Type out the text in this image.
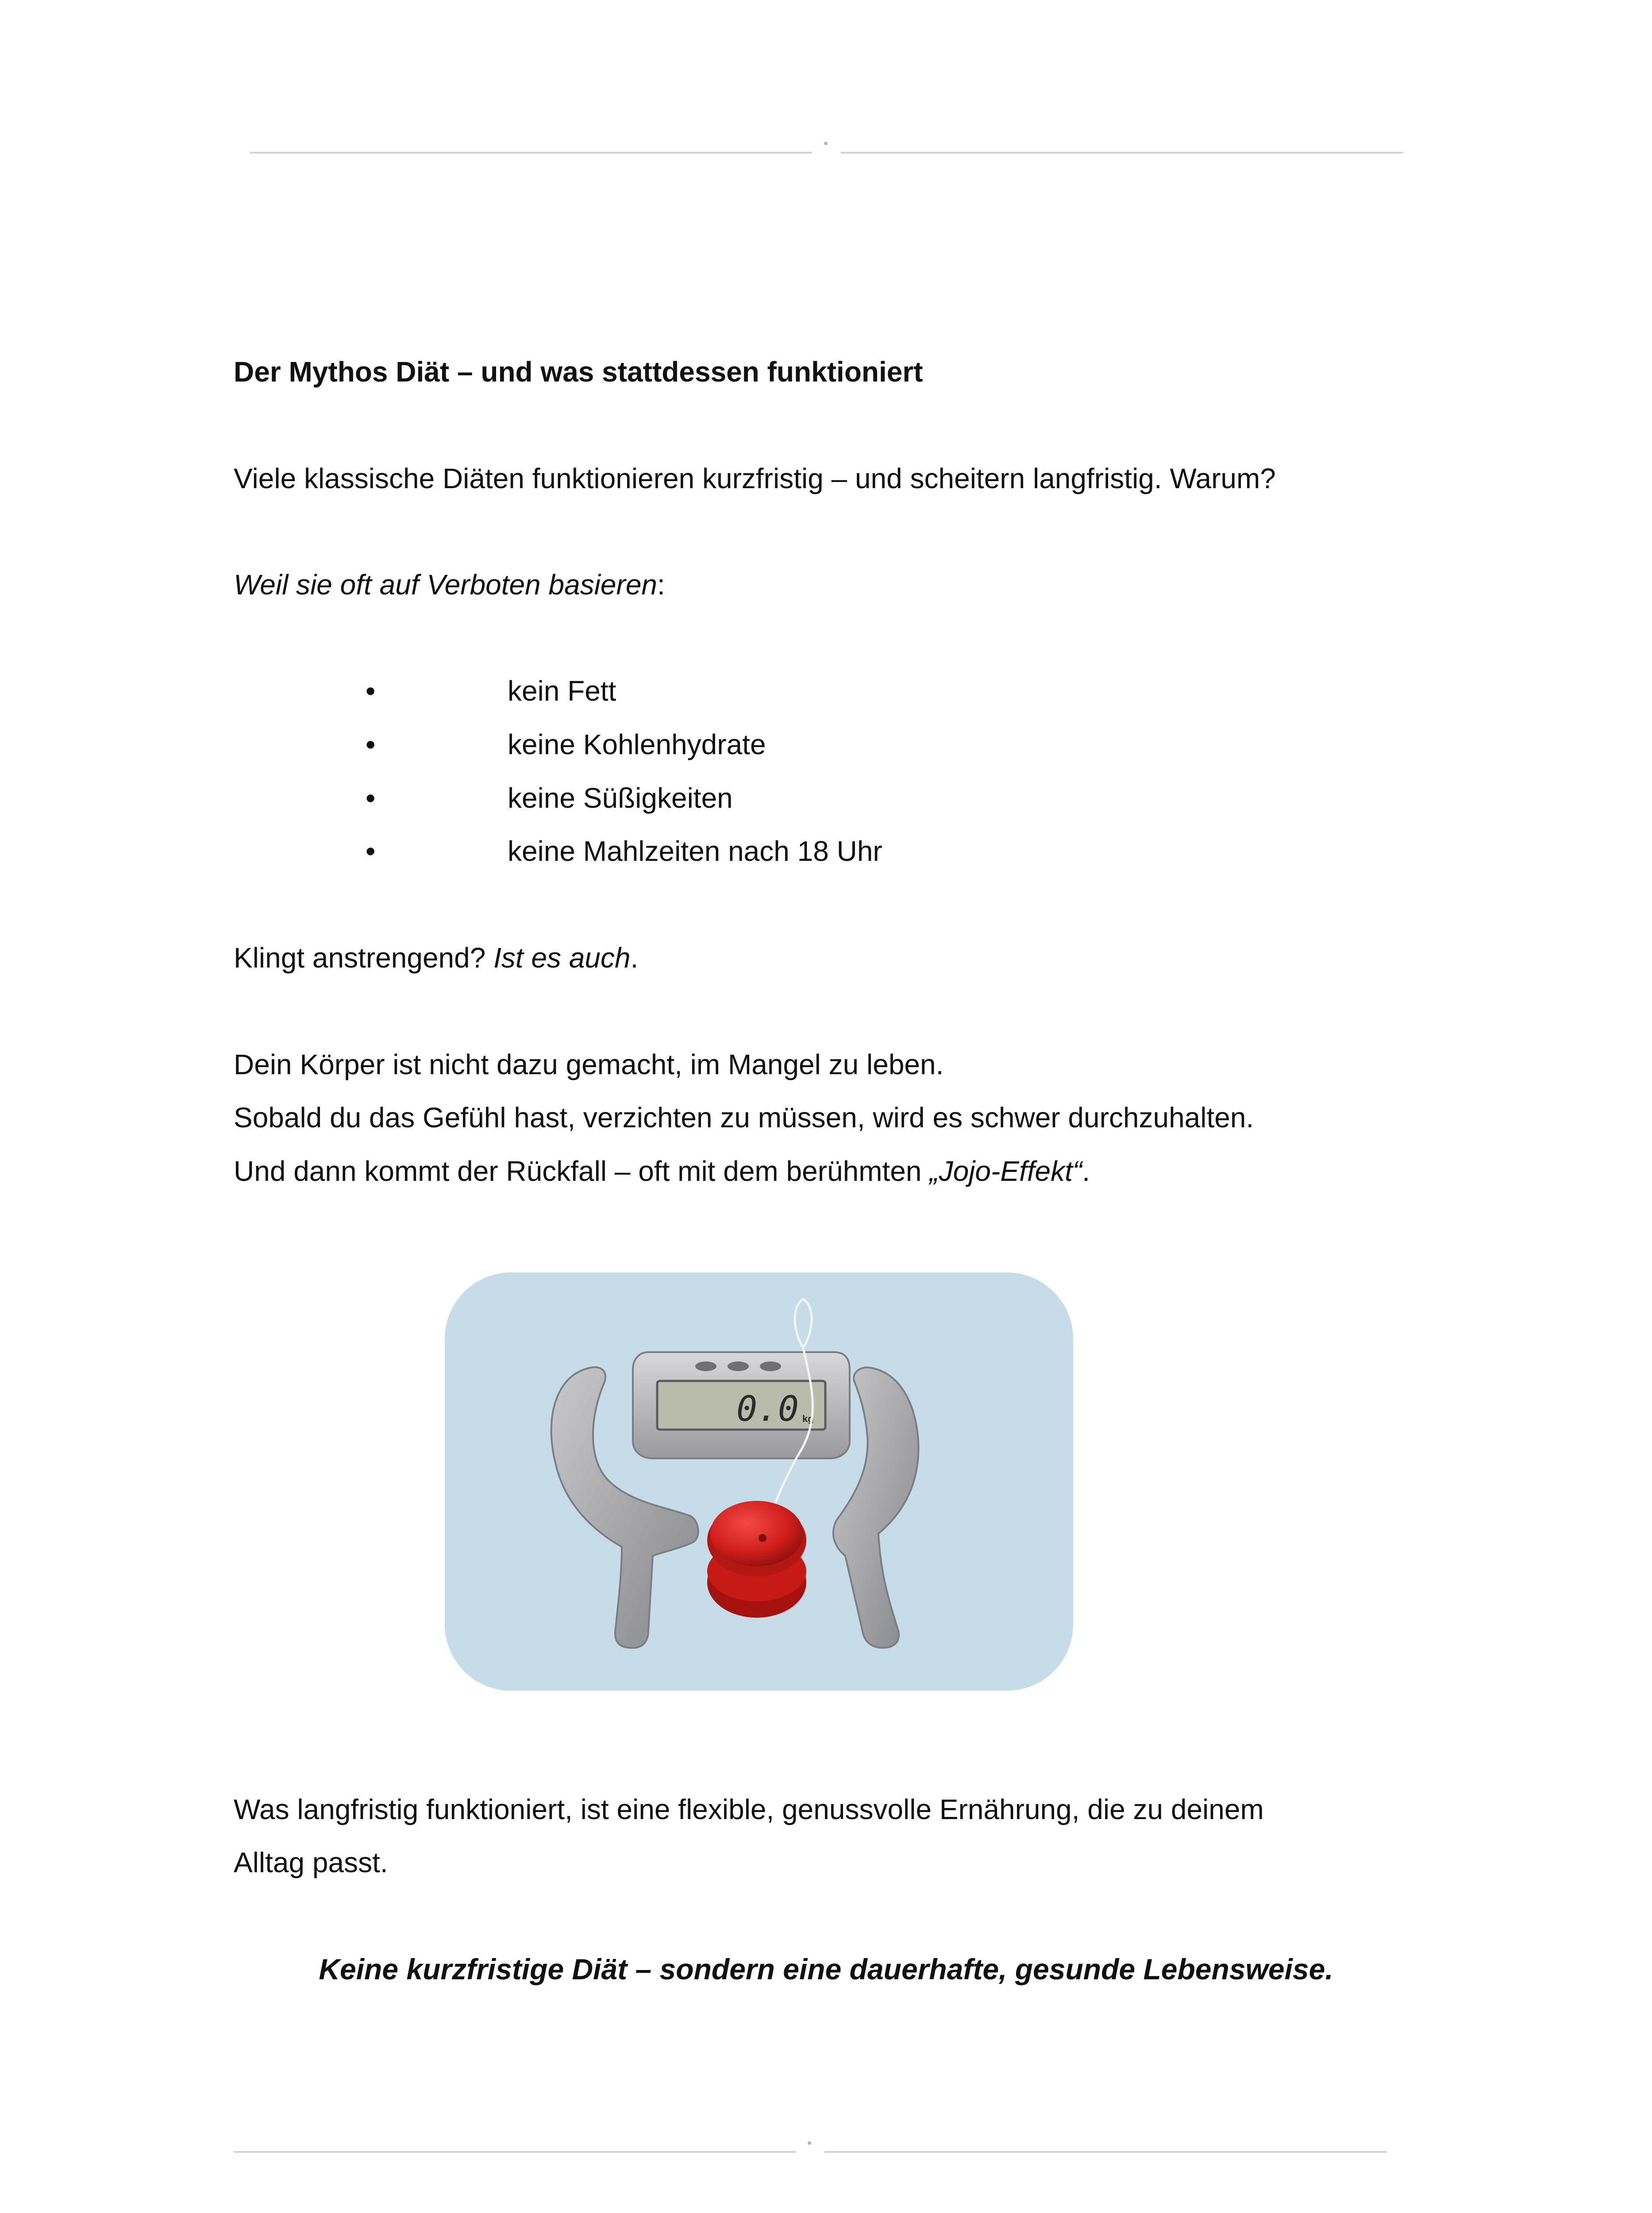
Der Mythos Diät – und was stattdessen funktioniert
Viele klassische Diäten funktionieren kurzfristig – und scheitern langfristig. Warum?
Weil sie oft auf Verboten basieren:
•	kein Fett
•	keine Kohlenhydrate
•	keine Süßigkeiten
•	keine Mahlzeiten nach 18 Uhr
Klingt anstrengend? Ist es auch.
Dein Körper ist nicht dazu gemacht, im Mangel zu leben.
Sobald du das Gefühl hast, verzichten zu müssen, wird es schwer durchzuhalten.
Und dann kommt der Rückfall – oft mit dem berühmten „Jojo-Effekt“.
0.0 kg
Was langfristig funktioniert, ist eine flexible, genussvolle Ernährung, die zu deinem
Alltag passt.
Keine kurzfristige Diät – sondern eine dauerhafte, gesunde Lebensweise.
